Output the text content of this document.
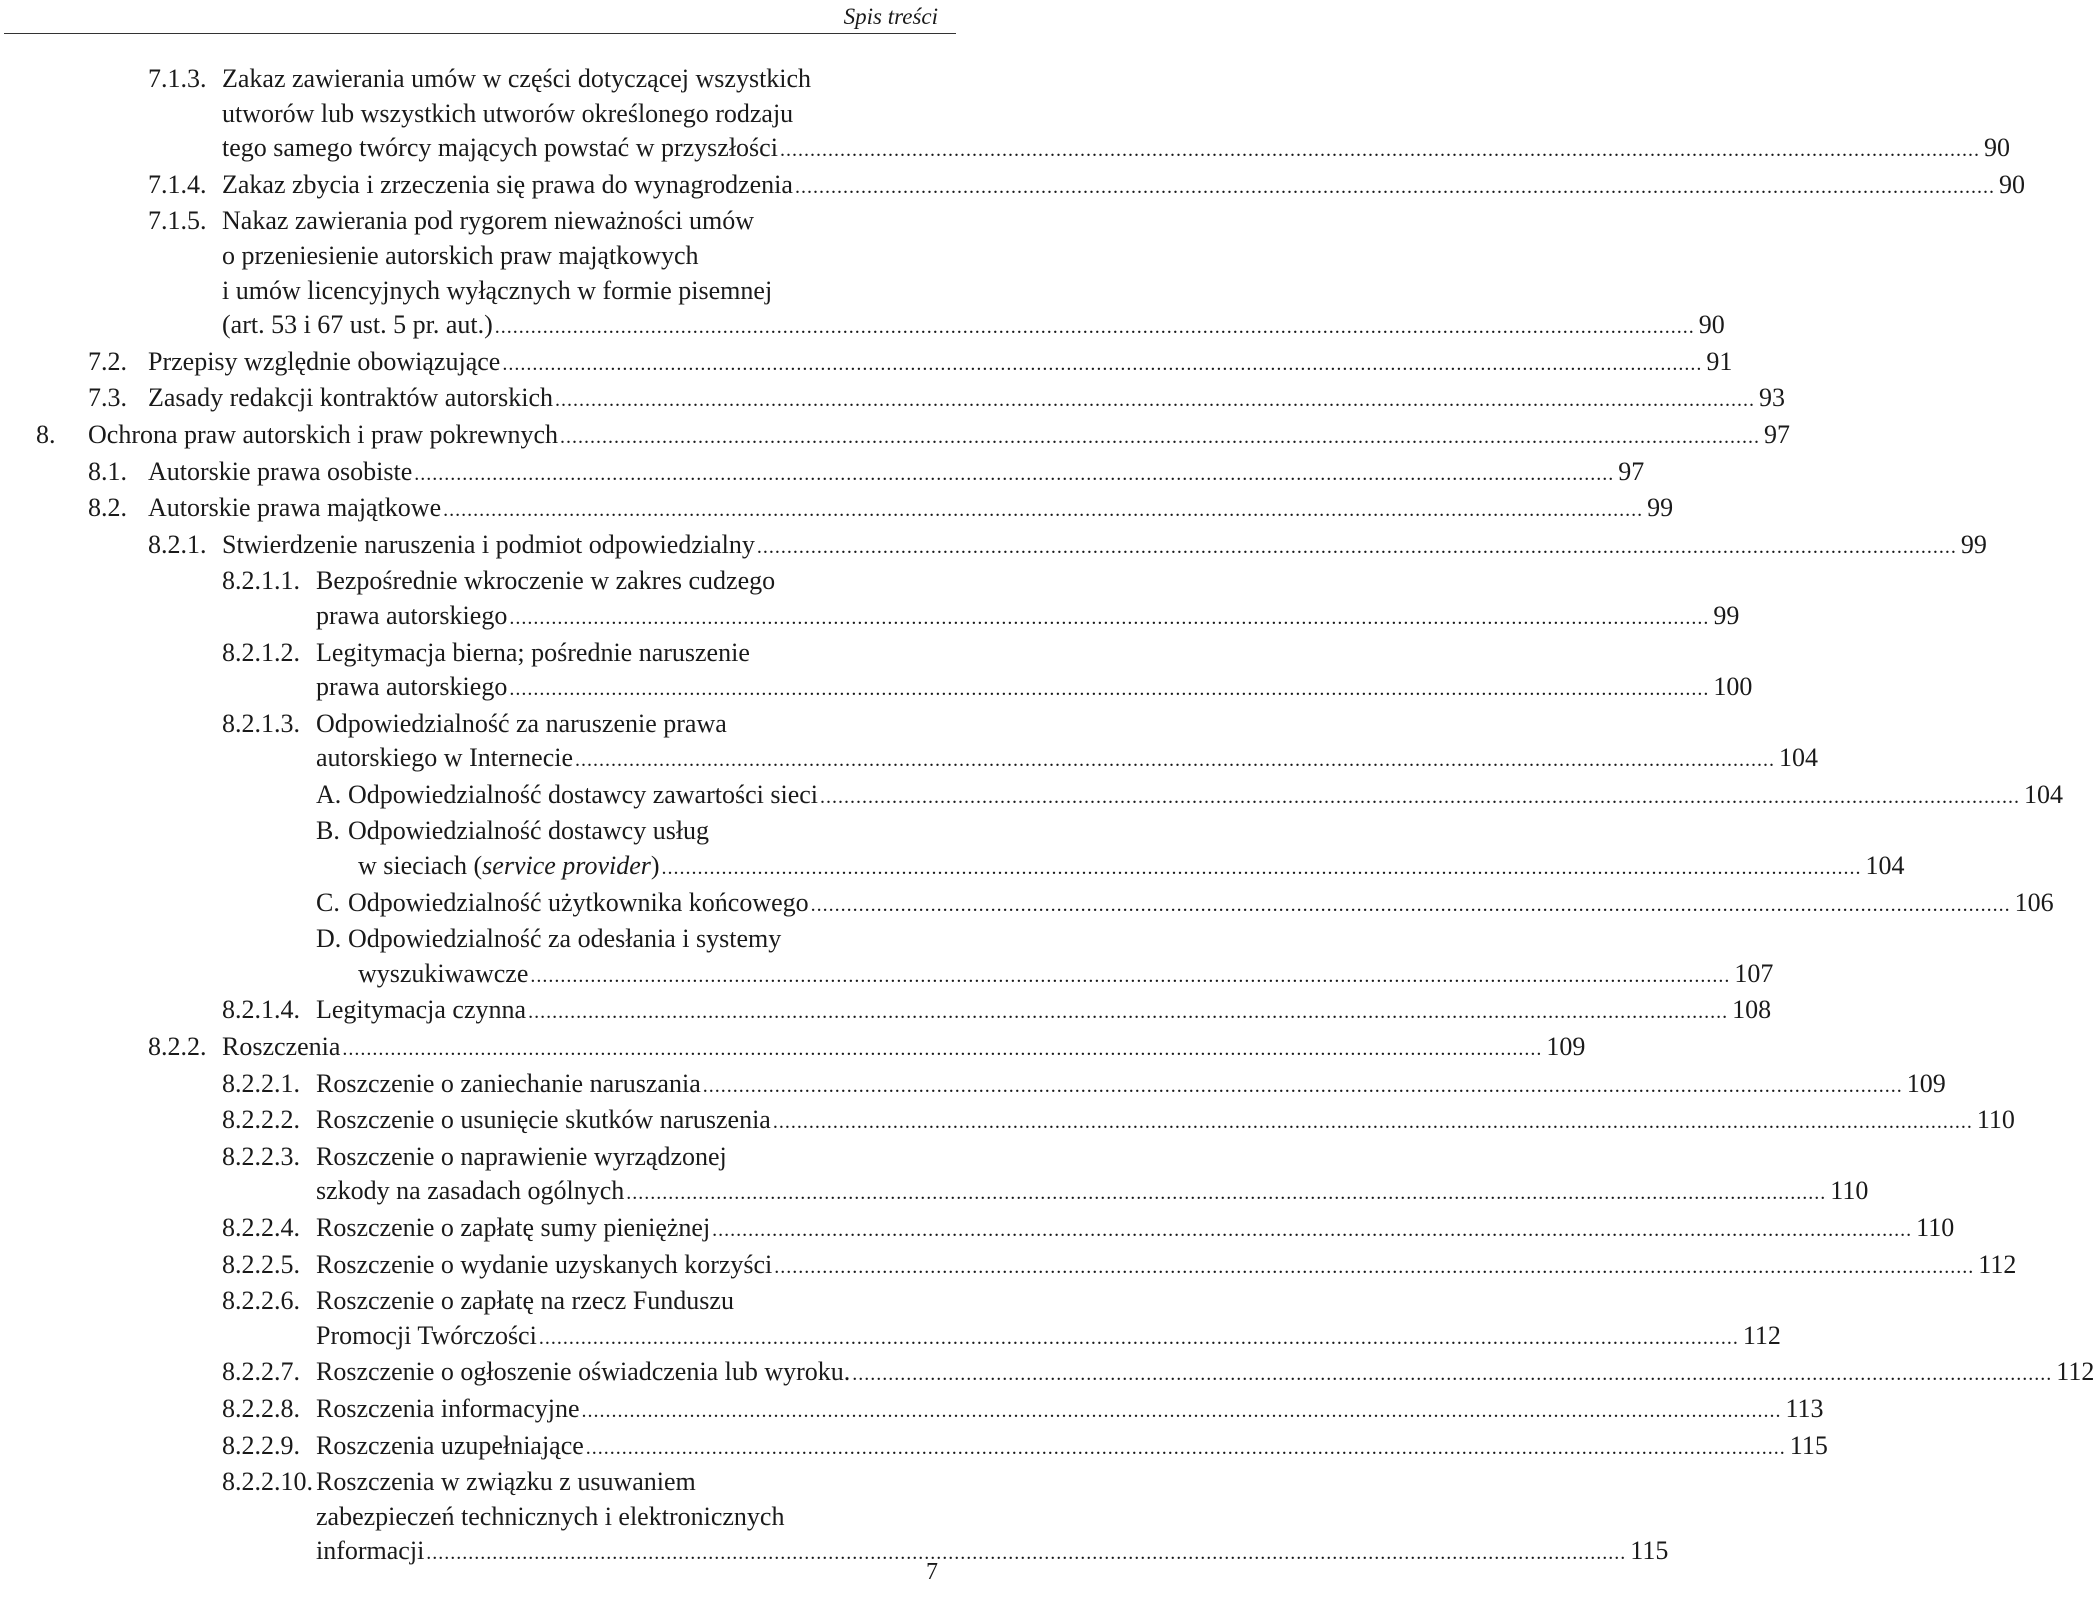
Spis treści
7.1.3. Zakaz zawierania umów w części dotyczącej wszystkich
utworów lub wszystkich utworów określonego rodzaju
tego samego twórcy mających powstać w przyszłości ........................................................................................................................................................................................................ 90
7.1.4. Zakaz zbycia i zrzeczenia się prawa do wynagrodzenia ........................................................................................................................................................................................................ 90
7.1.5. Nakaz zawierania pod rygorem nieważności umów
o przeniesienie autorskich praw majątkowych
i umów licencyjnych wyłącznych w formie pisemnej
(art. 53 i 67 ust. 5 pr. aut.) ........................................................................................................................................................................................................ 90
7.2. Przepisy względnie obowiązujące ........................................................................................................................................................................................................ 91
7.3. Zasady redakcji kontraktów autorskich ........................................................................................................................................................................................................ 93
8.	Ochrona praw autorskich i praw pokrewnych ........................................................................................................................................................................................................ 97
8.1. Autorskie prawa osobiste ........................................................................................................................................................................................................ 97
8.2. Autorskie prawa majątkowe ........................................................................................................................................................................................................ 99
8.2.1. Stwierdzenie naruszenia i podmiot odpowiedzialny ........................................................................................................................................................................................................ 99
8.2.1.1. Bezpośrednie wkroczenie w zakres cudzego
prawa autorskiego ........................................................................................................................................................................................................ 99
8.2.1.2. Legitymacja bierna; pośrednie naruszenie
prawa autorskiego ........................................................................................................................................................................................................ 100
8.2.1.3. Odpowiedzialność za naruszenie prawa
autorskiego w Internecie ........................................................................................................................................................................................................ 104
A. Odpowiedzialność dostawcy zawartości sieci ........................................................................................................................................................................................................ 104
B. Odpowiedzialność dostawcy usług
w sieciach ( service provider ) ........................................................................................................................................................................................................ 104
C. Odpowiedzialność użytkownika końcowego ........................................................................................................................................................................................................ 106
D. Odpowiedzialność za odesłania i systemy
wyszukiwawcze ........................................................................................................................................................................................................ 107
8.2.1.4. Legitymacja czynna ........................................................................................................................................................................................................ 108
8.2.2. Roszczenia ........................................................................................................................................................................................................ 109
8.2.2.1. Roszczenie o zaniechanie naruszania ........................................................................................................................................................................................................ 109
8.2.2.2. Roszczenie o usunięcie skutków naruszenia ........................................................................................................................................................................................................ 110
8.2.2.3. Roszczenie o naprawienie wyrządzonej
szkody na zasadach ogólnych ........................................................................................................................................................................................................ 110
8.2.2.4. Roszczenie o zapłatę sumy pieniężnej ........................................................................................................................................................................................................ 110
8.2.2.5. Roszczenie o wydanie uzyskanych korzyści ........................................................................................................................................................................................................ 112
8.2.2.6. Roszczenie o zapłatę na rzecz Funduszu
Promocji Twórczości ........................................................................................................................................................................................................ 112
8.2.2.7. Roszczenie o ogłoszenie oświadczenia lub wyroku. ........................................................................................................................................................................................................ 112
8.2.2.8. Roszczenia informacyjne ........................................................................................................................................................................................................ 113
8.2.2.9. Roszczenia uzupełniające ........................................................................................................................................................................................................ 115
8.2.2.10. Roszczenia w związku z usuwaniem
zabezpieczeń technicznych i elektronicznych
informacji ........................................................................................................................................................................................................ 115
7
